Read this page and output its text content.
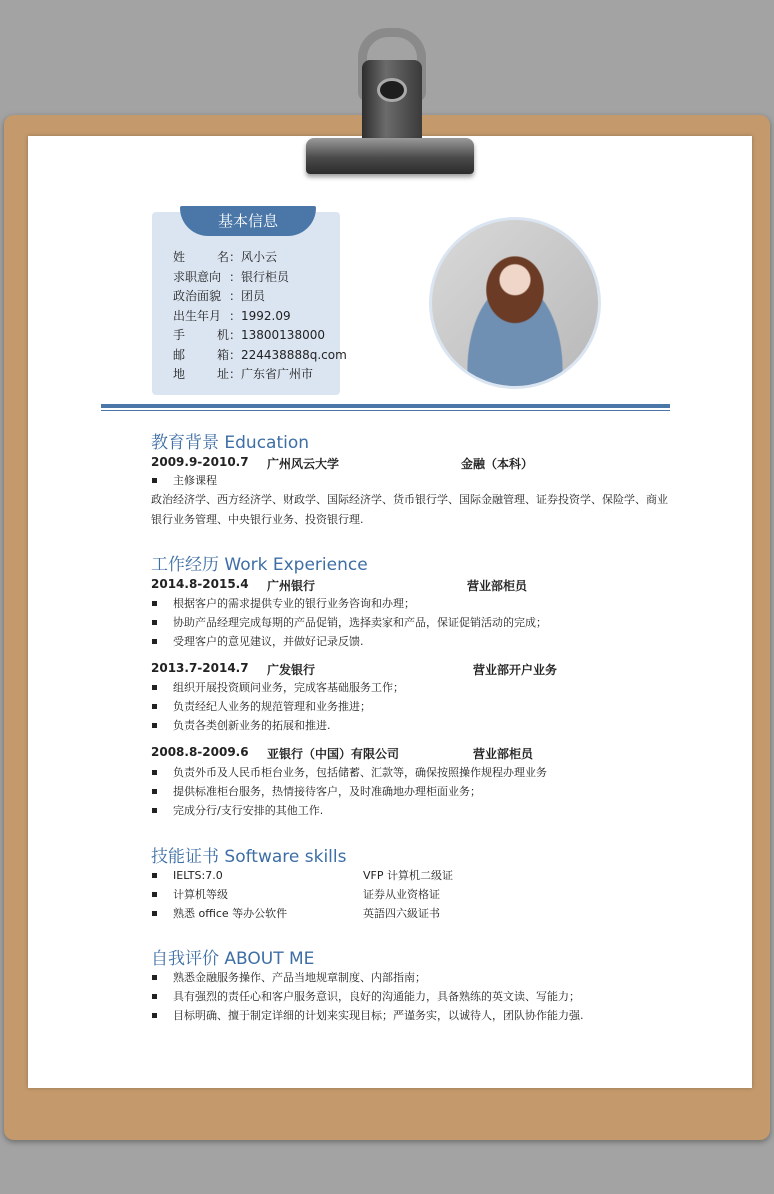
基本信息
姓	名 ：风小云
求职意向 ：银行柜员
政治面貌 ：团员
出生年月 ：1992.09
手	机 ：13800138000
邮	箱 ：224438888q.com
地	址 ：广东省广州市
教育背景 Education
2009.9-2010.7 广州风云大学	金融（本科）
主修课程
政治经济学、西方经济学、财政学、国际经济学、货币银行学、国际金融管理、证券投资学、保险学、商业银行业务管理、中央银行业务、投资银行理.
工作经历 Work Experience
2014.8-2015.4 广州银行	营业部柜员
根据客户的需求提供专业的银行业务咨询和办理；
协助产品经理完成每期的产品促销，选择卖家和产品，保证促销活动的完成；
受理客户的意见建议，并做好记录反馈.
2013.7-2014.7 广发银行	营业部开户业务
组织开展投资顾问业务，完成客基础服务工作；
负责经纪人业务的规范管理和业务推进；
负责各类创新业务的拓展和推进.
2008.8-2009.6 亚银行（中国）有限公司	营业部柜员
负责外币及人民币柜台业务，包括储蓄、汇款等，确保按照操作规程办理业务
提供标准柜台服务，热情接待客户，及时准确地办理柜面业务；
完成分行/支行安排的其他工作.
技能证书 Software skills
IELTS:7.0	VFP 计算机二级证
计算机等级	证券从业资格证
熟悉 office 等办公软件	英語四六級证书
自我评价 ABOUT ME
熟悉金融服务操作、产品当地规章制度、内部指南；
具有强烈的责任心和客户服务意识，良好的沟通能力，具备熟练的英文读、写能力；
目标明确、擅于制定详细的计划来实现目标；严谨务实，以诚待人，团队协作能力强.
